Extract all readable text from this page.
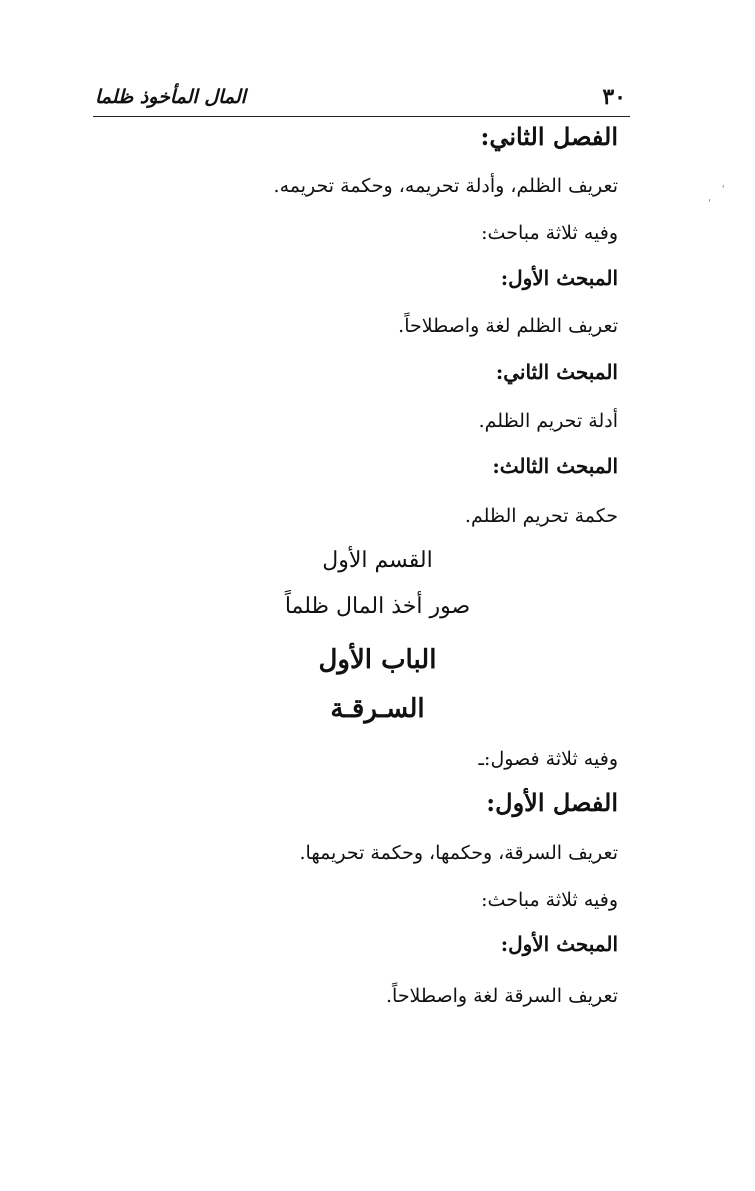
٣٠
المال المأخوذ ظلما
˓
ˌ
الفصل الثاني:
تعريف الظلم، وأدلة تحريمه، وحكمة تحريمه.
وفيه ثلاثة مباحث:
المبحث الأول:
تعريف الظلم لغة واصطلاحاً.
المبحث الثاني:
أدلة تحريم الظلم.
المبحث الثالث:
حكمة تحريم الظلم.
القسم الأول
صور أخذ المال ظلماً
الباب الأول
السـرقـة
وفيه ثلاثة فصول:ـ
الفصل الأول:
تعريف السرقة، وحكمها، وحكمة تحريمها.
وفيه ثلاثة مباحث:
المبحث الأول:
تعريف السرقة لغة واصطلاحاً.
